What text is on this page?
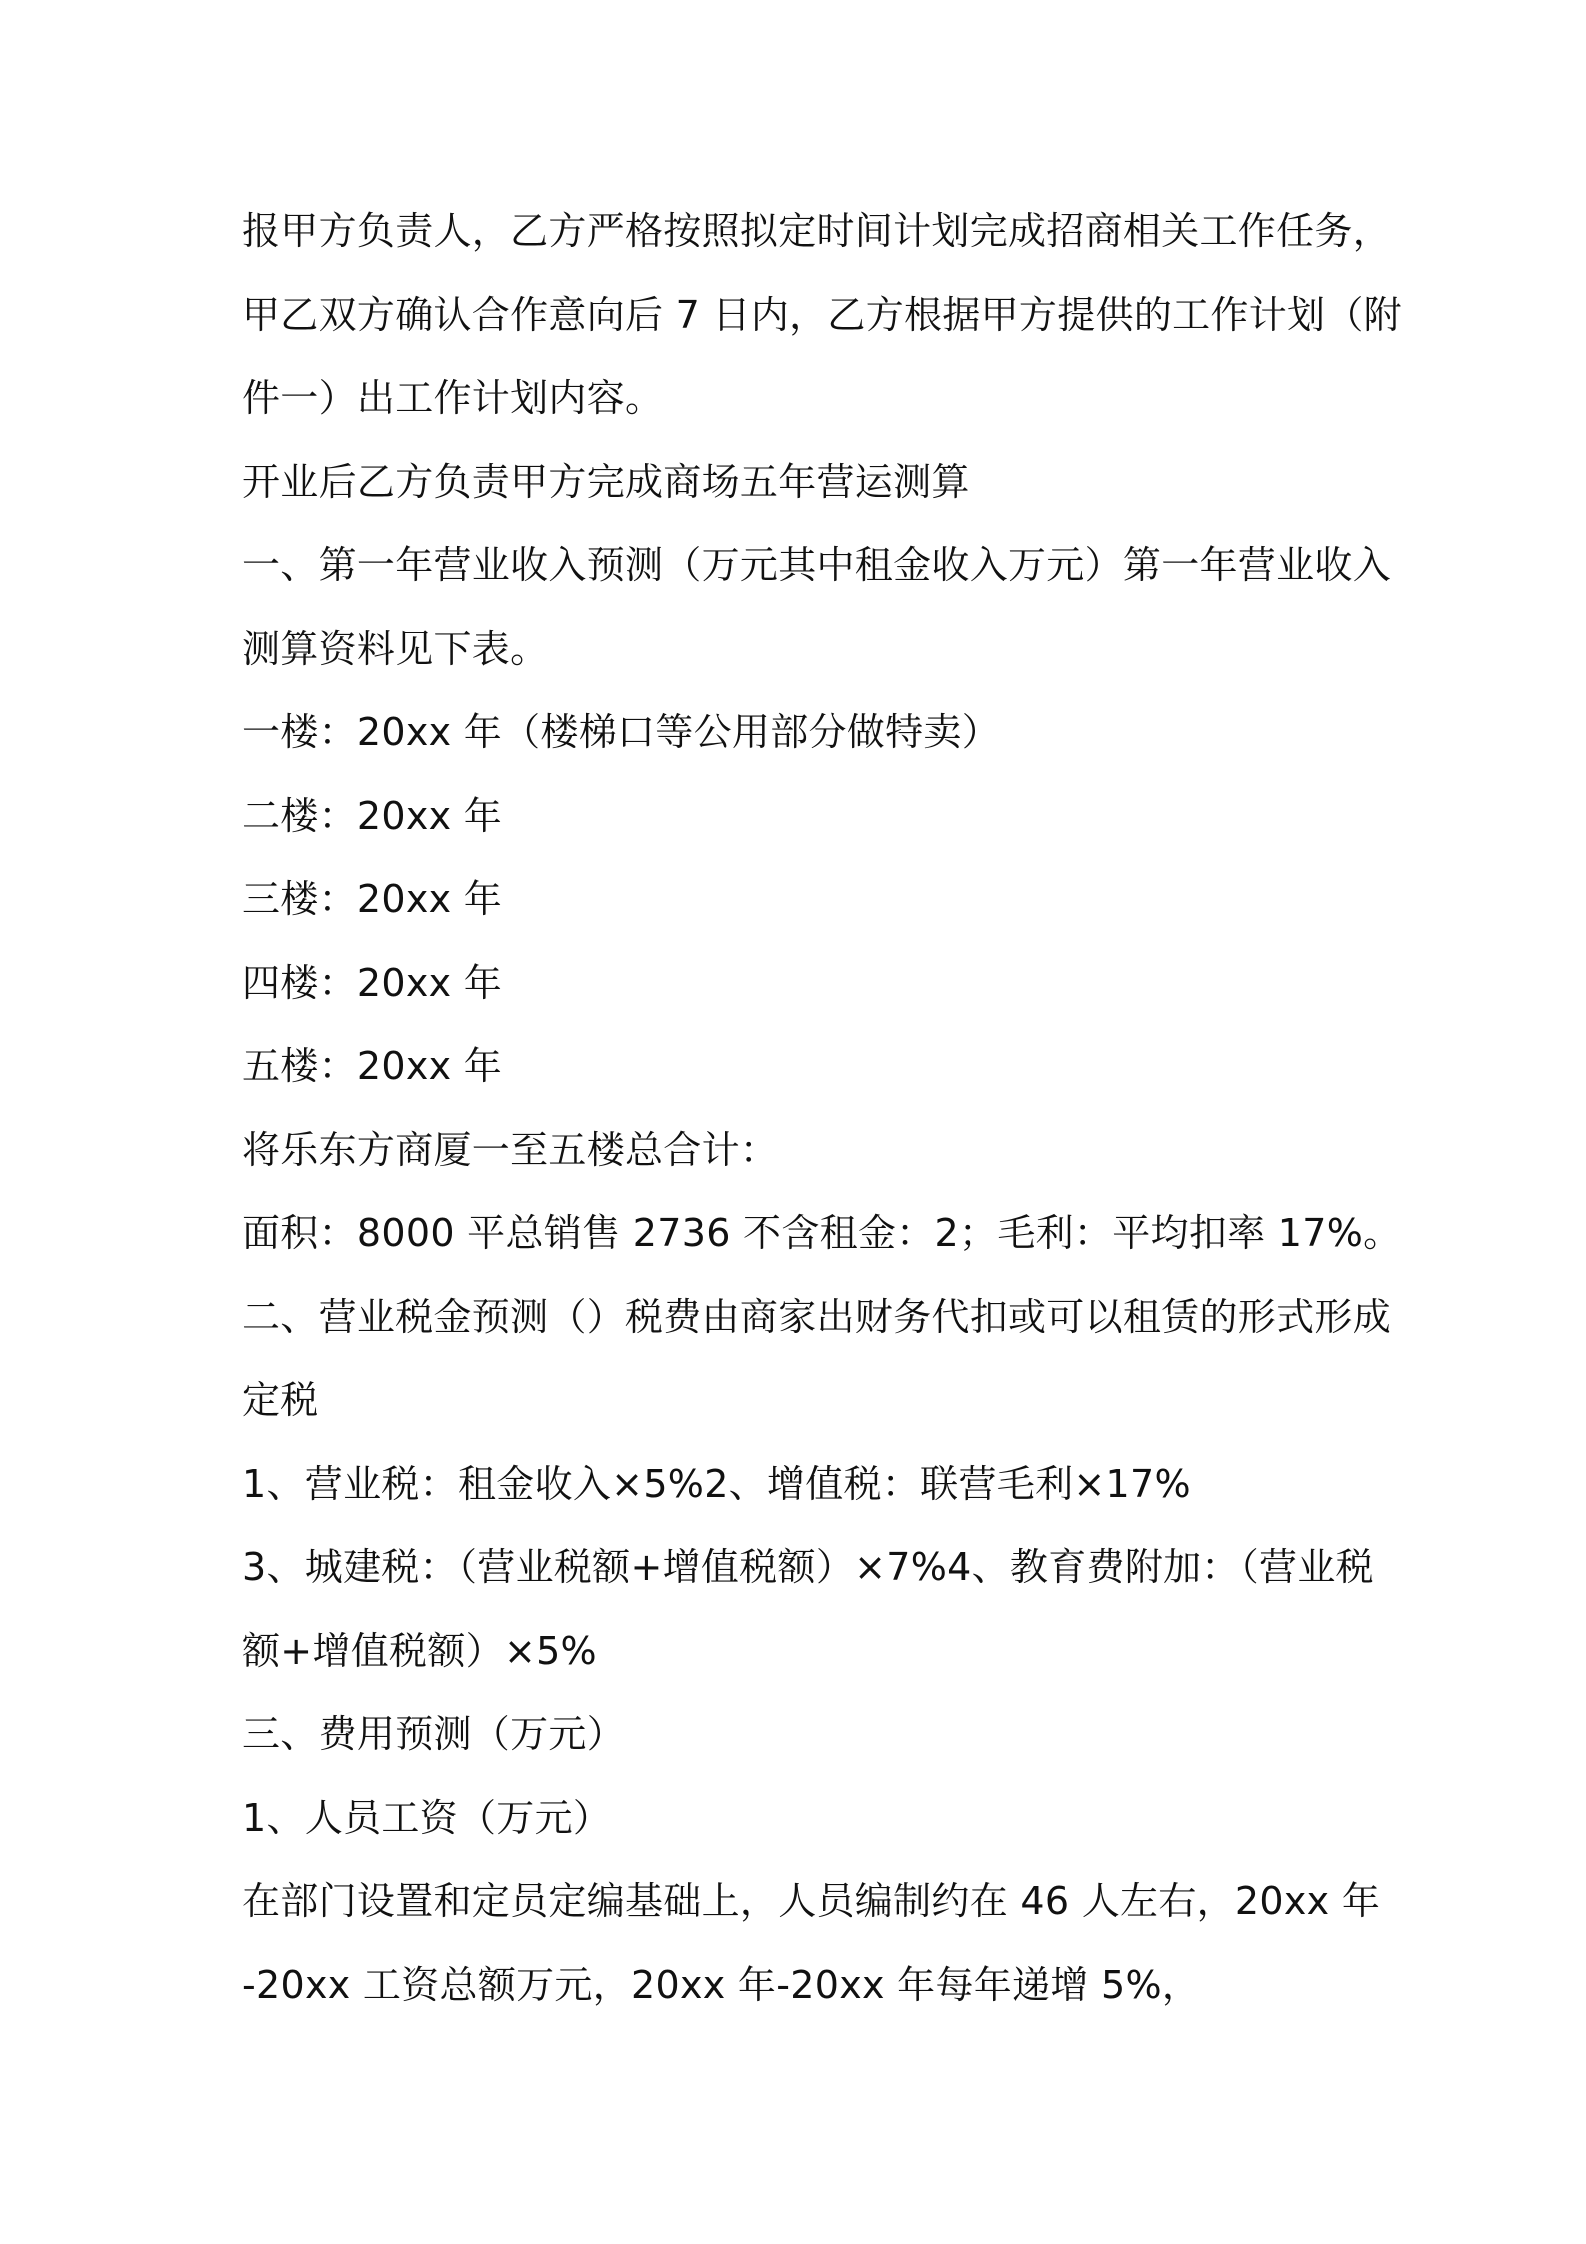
报甲方负责人，乙方严格按照拟定时间计划完成招商相关工作任务，
甲乙双方确认合作意向后 7 日内，乙方根据甲方提供的工作计划（附
件一）出工作计划内容。
开业后乙方负责甲方完成商场五年营运测算
一、第一年营业收入预测（万元其中租金收入万元）第一年营业收入
测算资料见下表。
一楼：20xx 年（楼梯口等公用部分做特卖）
二楼：20xx 年
三楼：20xx 年
四楼：20xx 年
五楼：20xx 年
将乐东方商厦一至五楼总合计：
面积：8000 平总销售 2736 不含租金：2；毛利：平均扣率 17%。
二、营业税金预测（）税费由商家出财务代扣或可以租赁的形式形成
定税
1、营业税：租金收入×5%2、增值税：联营毛利×17%
3、城建税：（营业税额+增值税额）×7%4、教育费附加：（营业税
额+增值税额）×5%
三、费用预测（万元）
1、人员工资（万元）
在部门设置和定员定编基础上，人员编制约在 46 人左右，20xx 年
-20xx 工资总额万元，20xx 年-20xx 年每年递增 5%，
